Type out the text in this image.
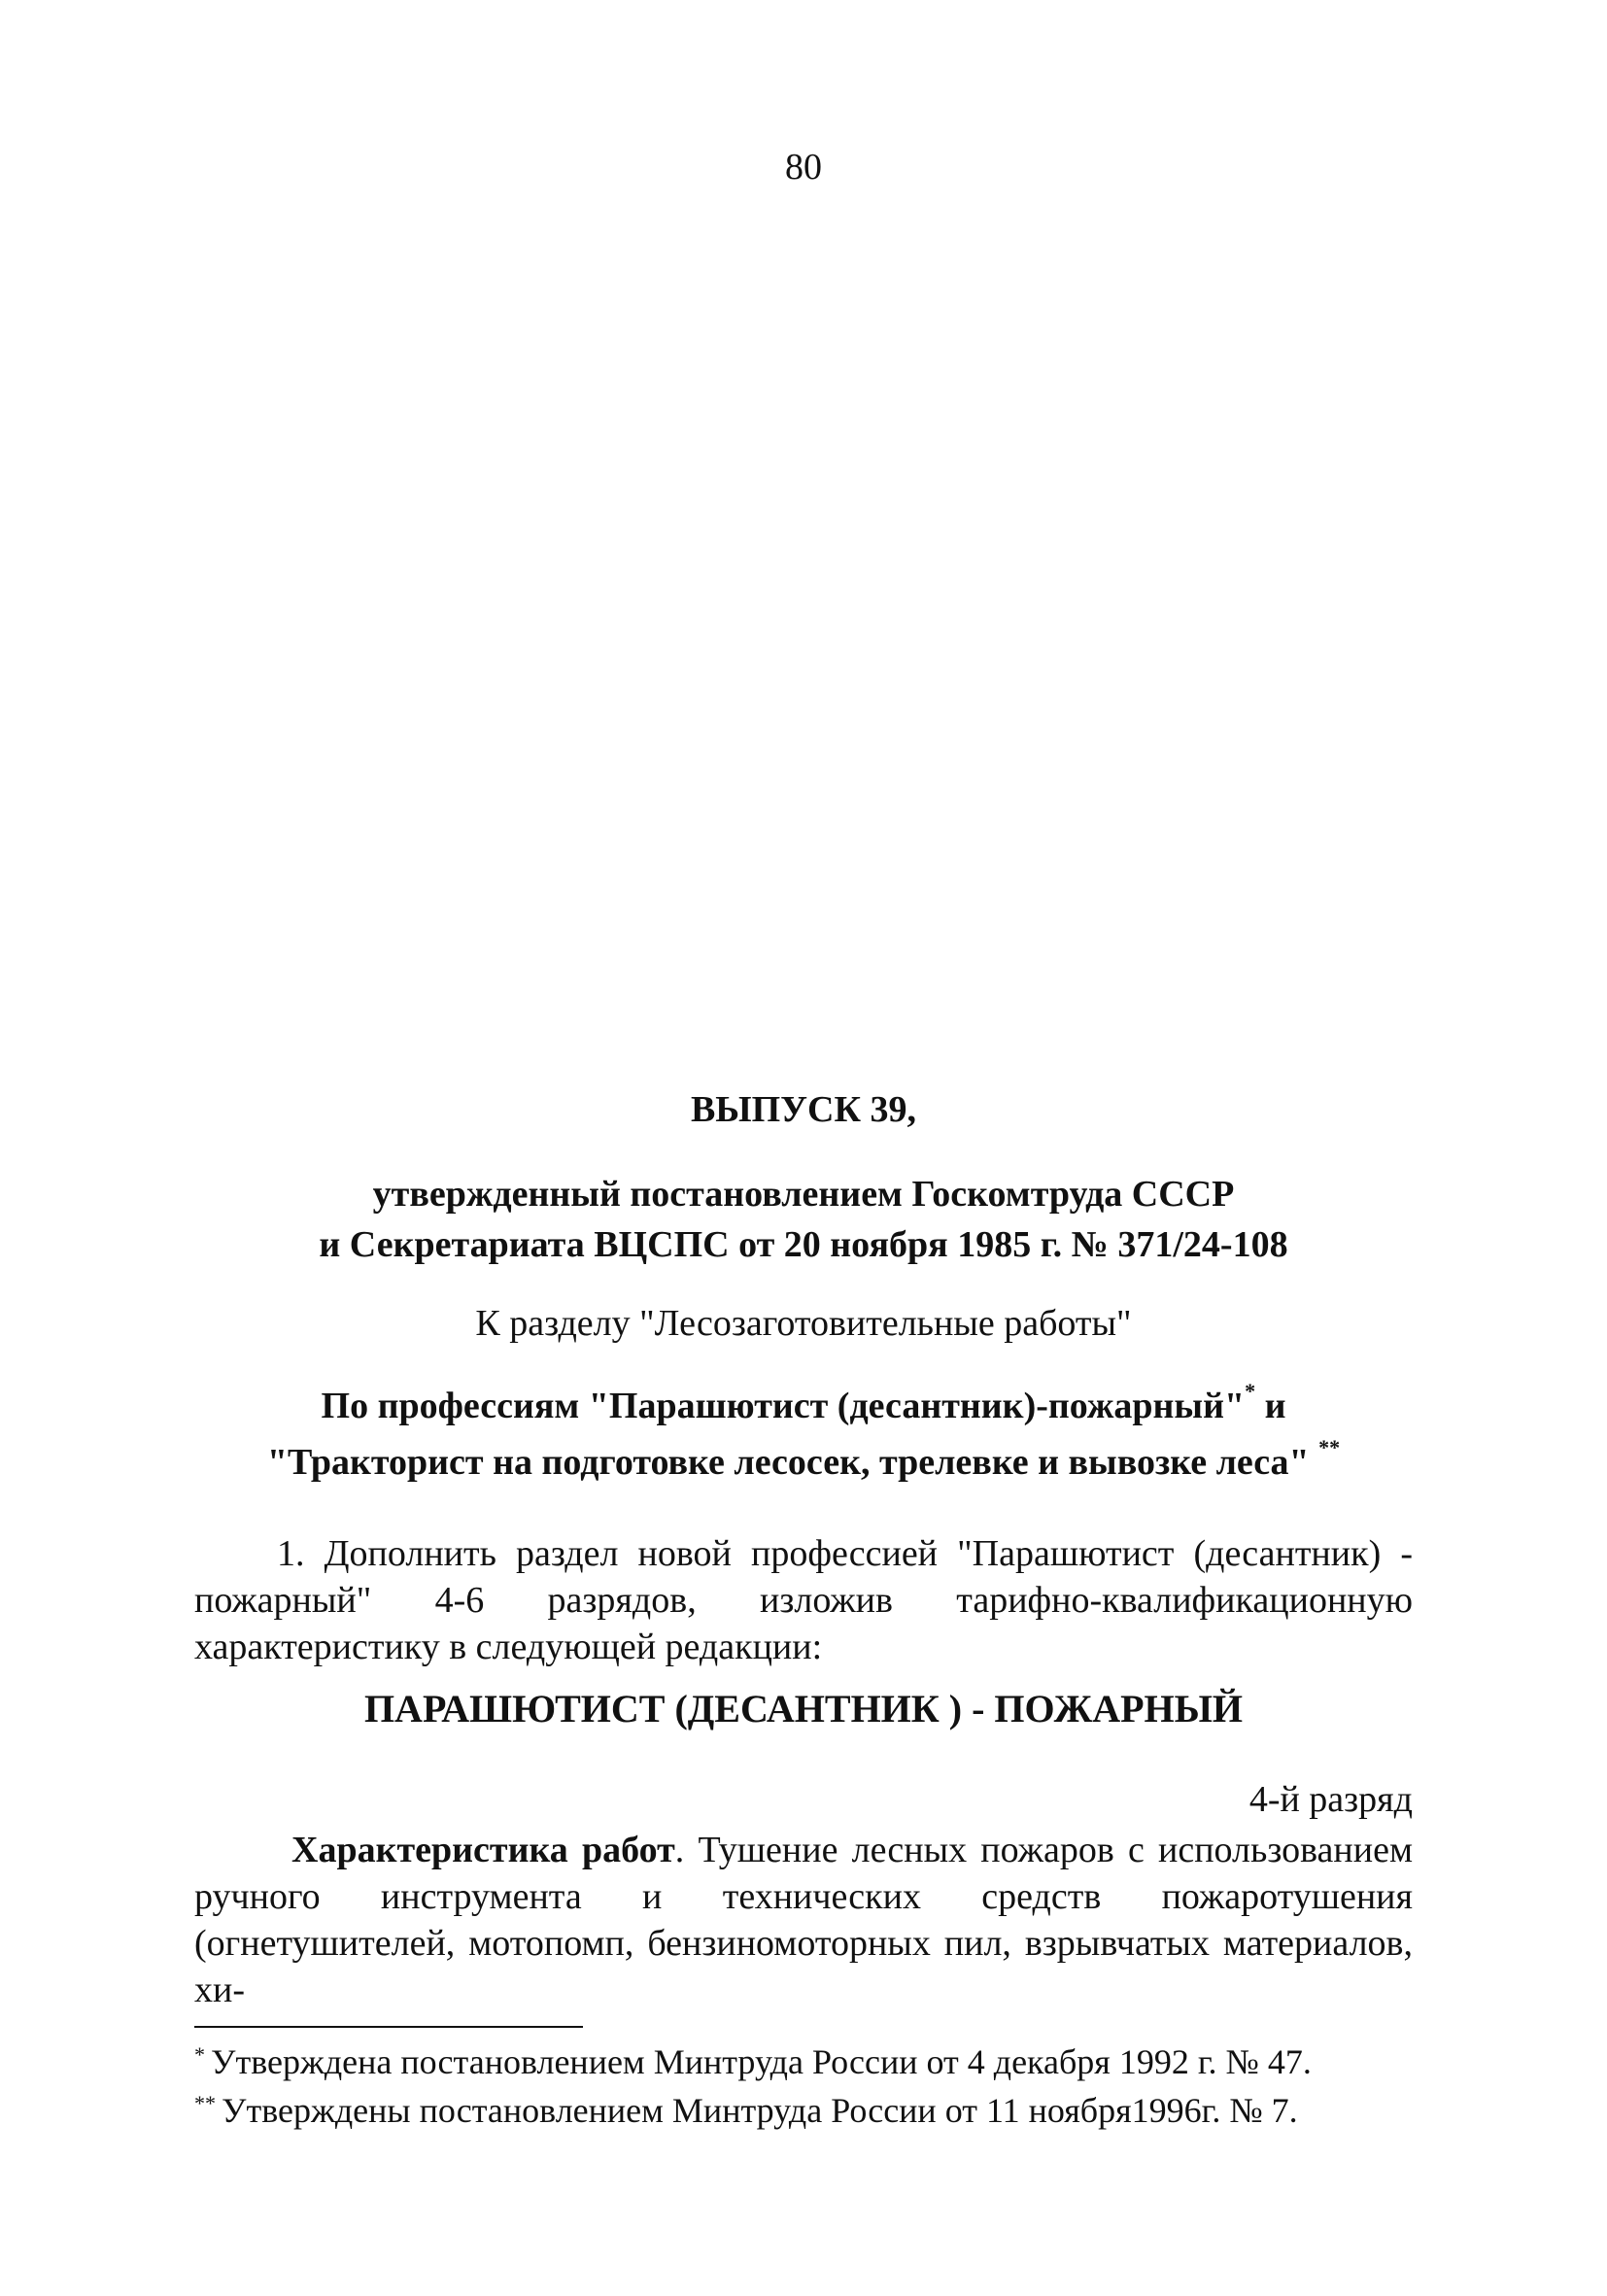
80
ВЫПУСК 39,
утвержденный постановлением Госкомтруда СССР
и Секретариата ВЦСПС от 20 ноября 1985 г. № 371/24-108
К разделу "Лесозаготовительные работы"
По профессиям "Парашютист (десантник)-пожарный"* и
"Тракторист на подготовке лесосек, трелевке и вывозке леса" **
1. Дополнить раздел новой профессией "Парашютист (десантник) - пожарный" 4-6 разрядов, изложив тарифно-квалификационную характеристику в следующей редакции:
ПАРАШЮТИСТ (ДЕСАНТНИК ) - ПОЖАРНЫЙ
4-й разряд
Характеристика работ. Тушение лесных пожаров с использованием ручного инструмента и технических средств пожаротушения (огнетушителей, мотопомп, бензиномоторных пил, взрывчатых материалов, хи-
* Утверждена постановлением Минтруда России от 4 декабря 1992 г. № 47.
** Утверждены постановлением Минтруда России от 11 ноября1996г. № 7.
